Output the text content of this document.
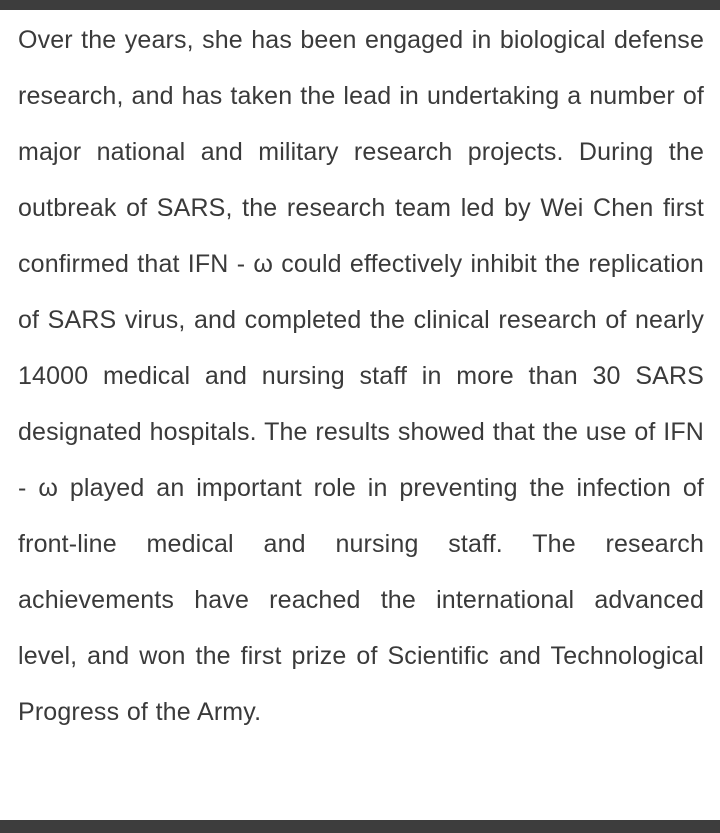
Over the years, she has been engaged in biological defense research, and has taken the lead in undertaking a number of major national and military research projects. During the outbreak of SARS, the research team led by Wei Chen first confirmed that IFN - ω could effectively inhibit the replication of SARS virus, and completed the clinical research of nearly 14000 medical and nursing staff in more than 30 SARS designated hospitals. The results showed that the use of IFN - ω played an important role in preventing the infection of front-line medical and nursing staff. The research achievements have reached the international advanced level, and won the first prize of Scientific and Technological Progress of the Army.
